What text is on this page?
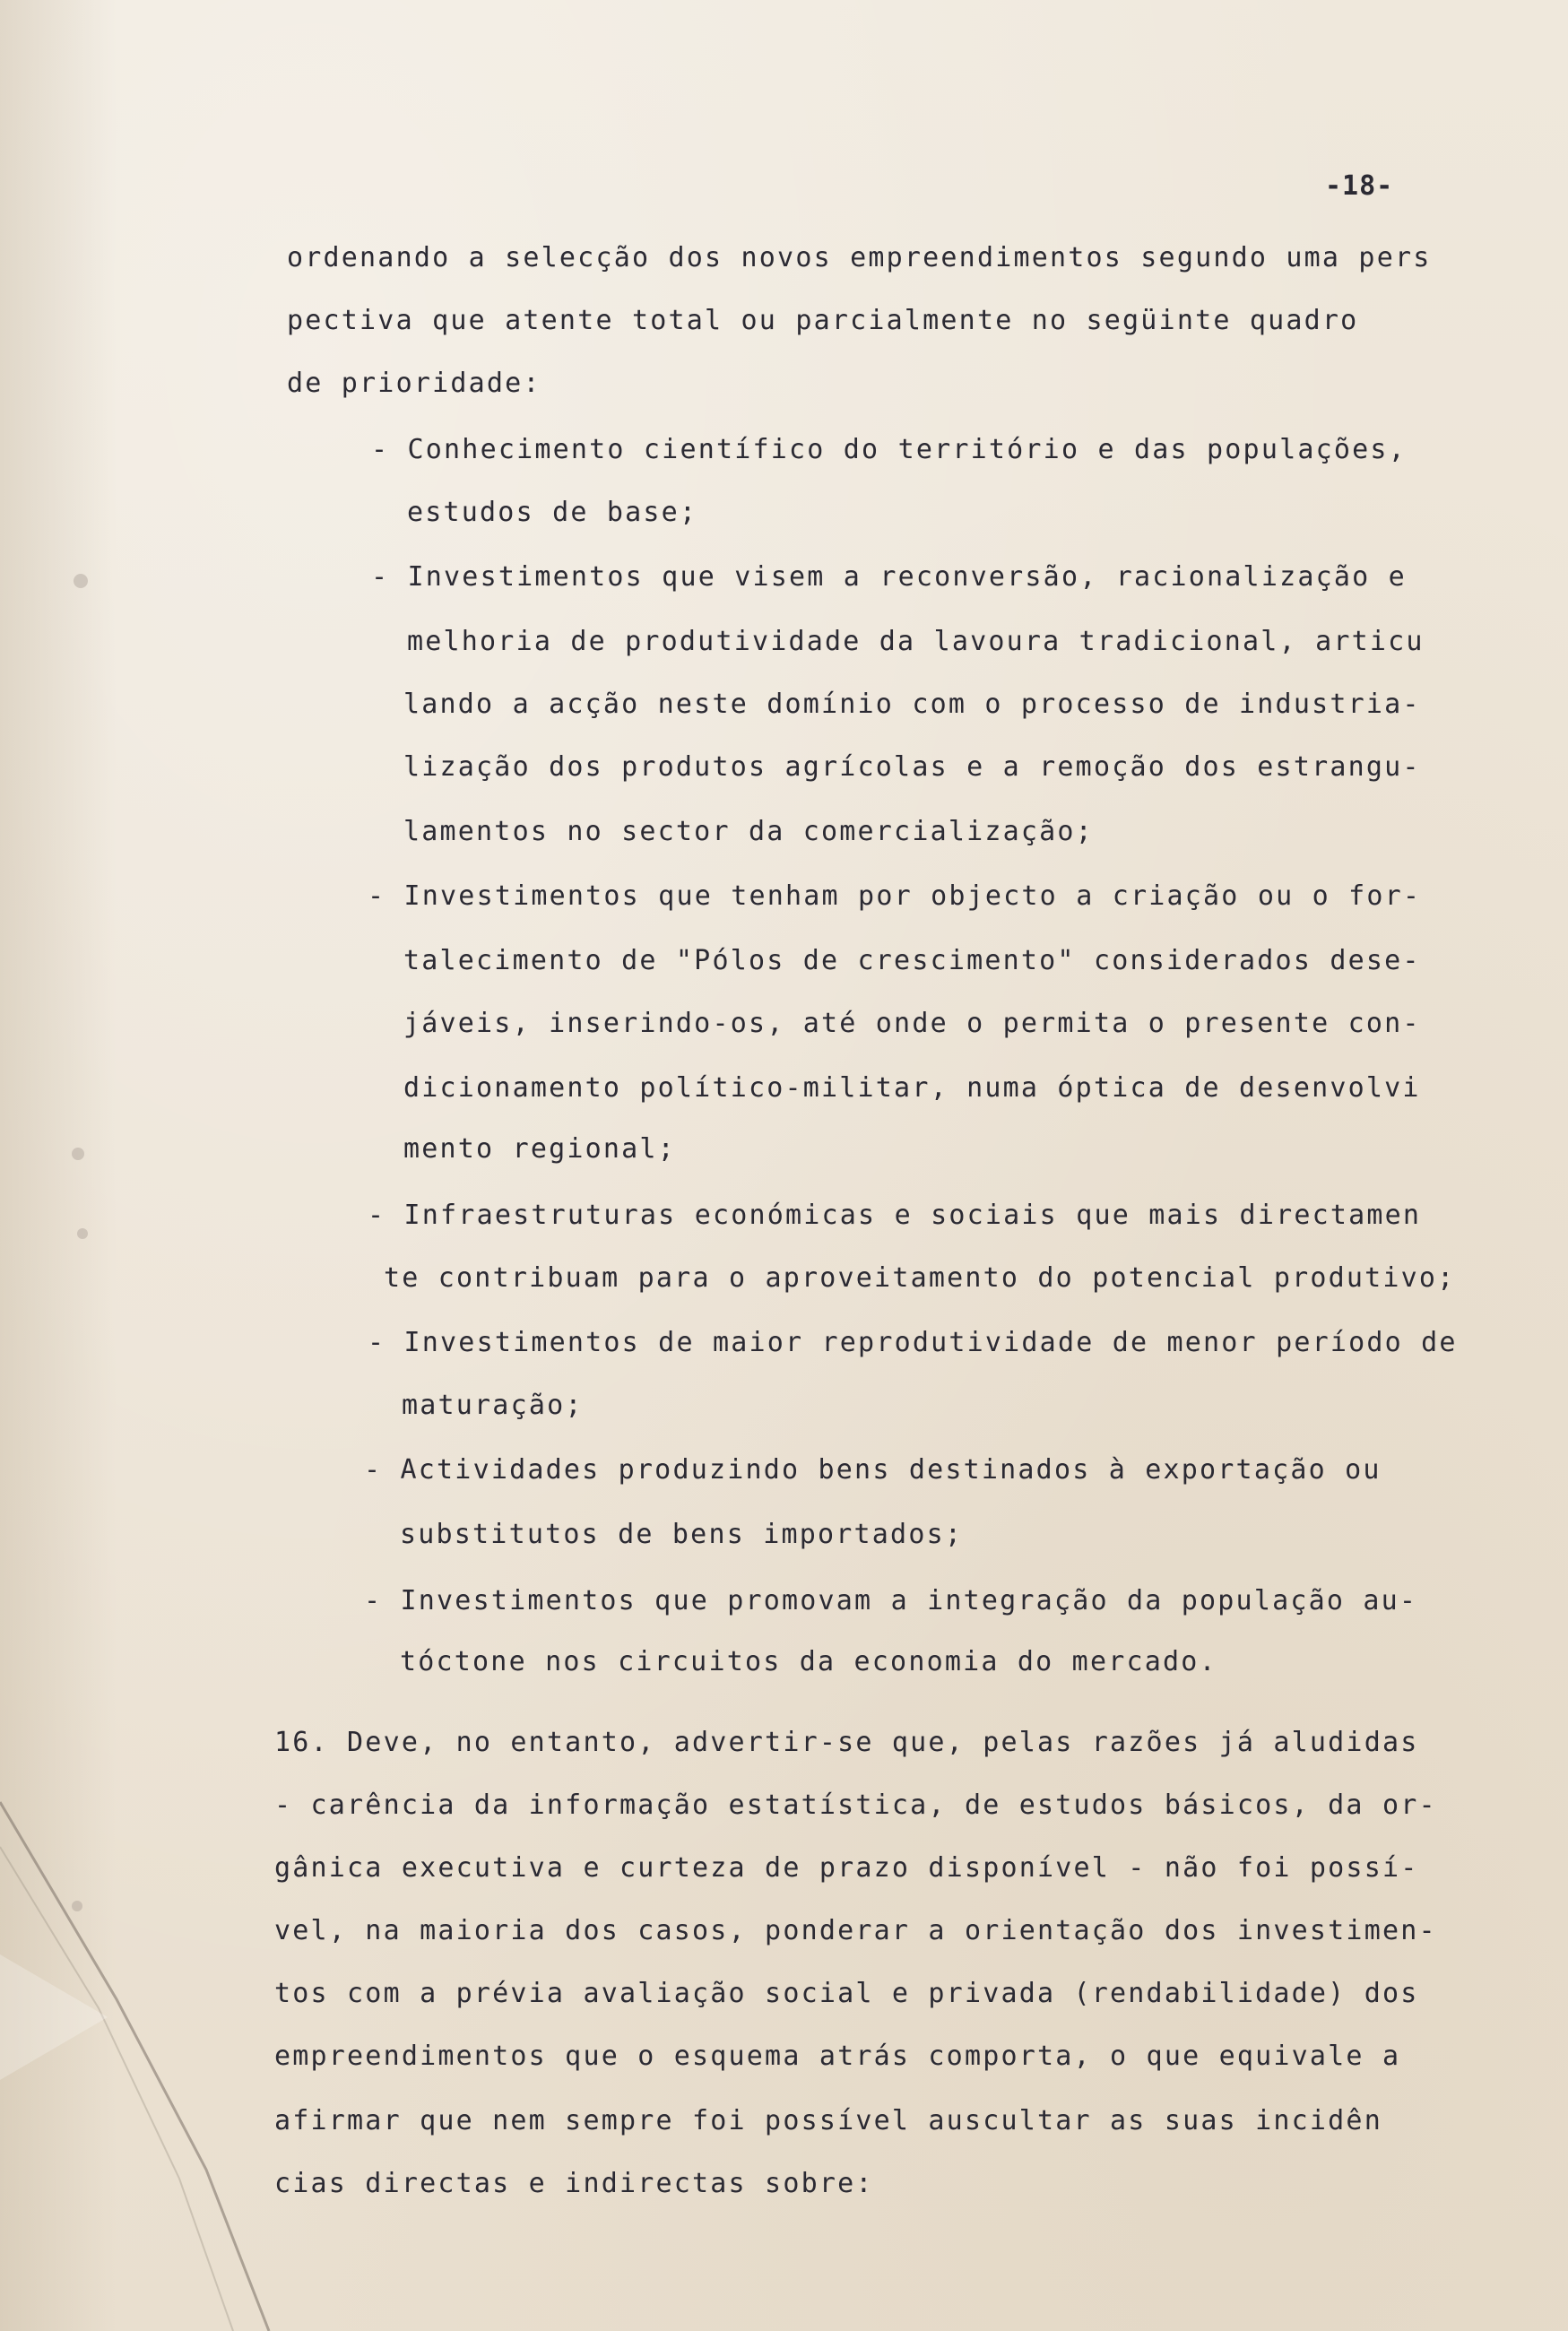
-18-
ordenando a selecção dos novos empreendimentos segundo uma pers
pectiva que atente total ou parcialmente no següinte quadro
de prioridade:
- Conhecimento científico do território e das populações,
estudos de base;
- Investimentos que visem a reconversão, racionalização e
melhoria de produtividade da lavoura tradicional, articu
lando a acção neste domínio com o processo de industria-
lização dos produtos agrícolas e a remoção dos estrangu-
lamentos no sector da comercialização;
- Investimentos que tenham por objecto a criação ou o for-
talecimento de "Pólos de crescimento" considerados dese-
jáveis, inserindo-os, até onde o permita o presente con-
dicionamento político-militar, numa óptica de desenvolvi
mento regional;
- Infraestruturas económicas e sociais que mais directamen
te contribuam para o aproveitamento do potencial produtivo;
- Investimentos de maior reprodutividade de menor período de
maturação;
- Actividades produzindo bens destinados à exportação ou
substitutos de bens importados;
- Investimentos que promovam a integração da população au-
tóctone nos circuitos da economia do mercado.
16. Deve, no entanto, advertir-se que, pelas razões já aludidas
- carência da informação estatística, de estudos básicos, da or-
gânica executiva e curteza de prazo disponível - não foi possí-
vel, na maioria dos casos, ponderar a orientação dos investimen-
tos com a prévia avaliação social e privada (rendabilidade) dos
empreendimentos que o esquema atrás comporta, o que equivale a
afirmar que nem sempre foi possível auscultar as suas incidên
cias directas e indirectas sobre:
